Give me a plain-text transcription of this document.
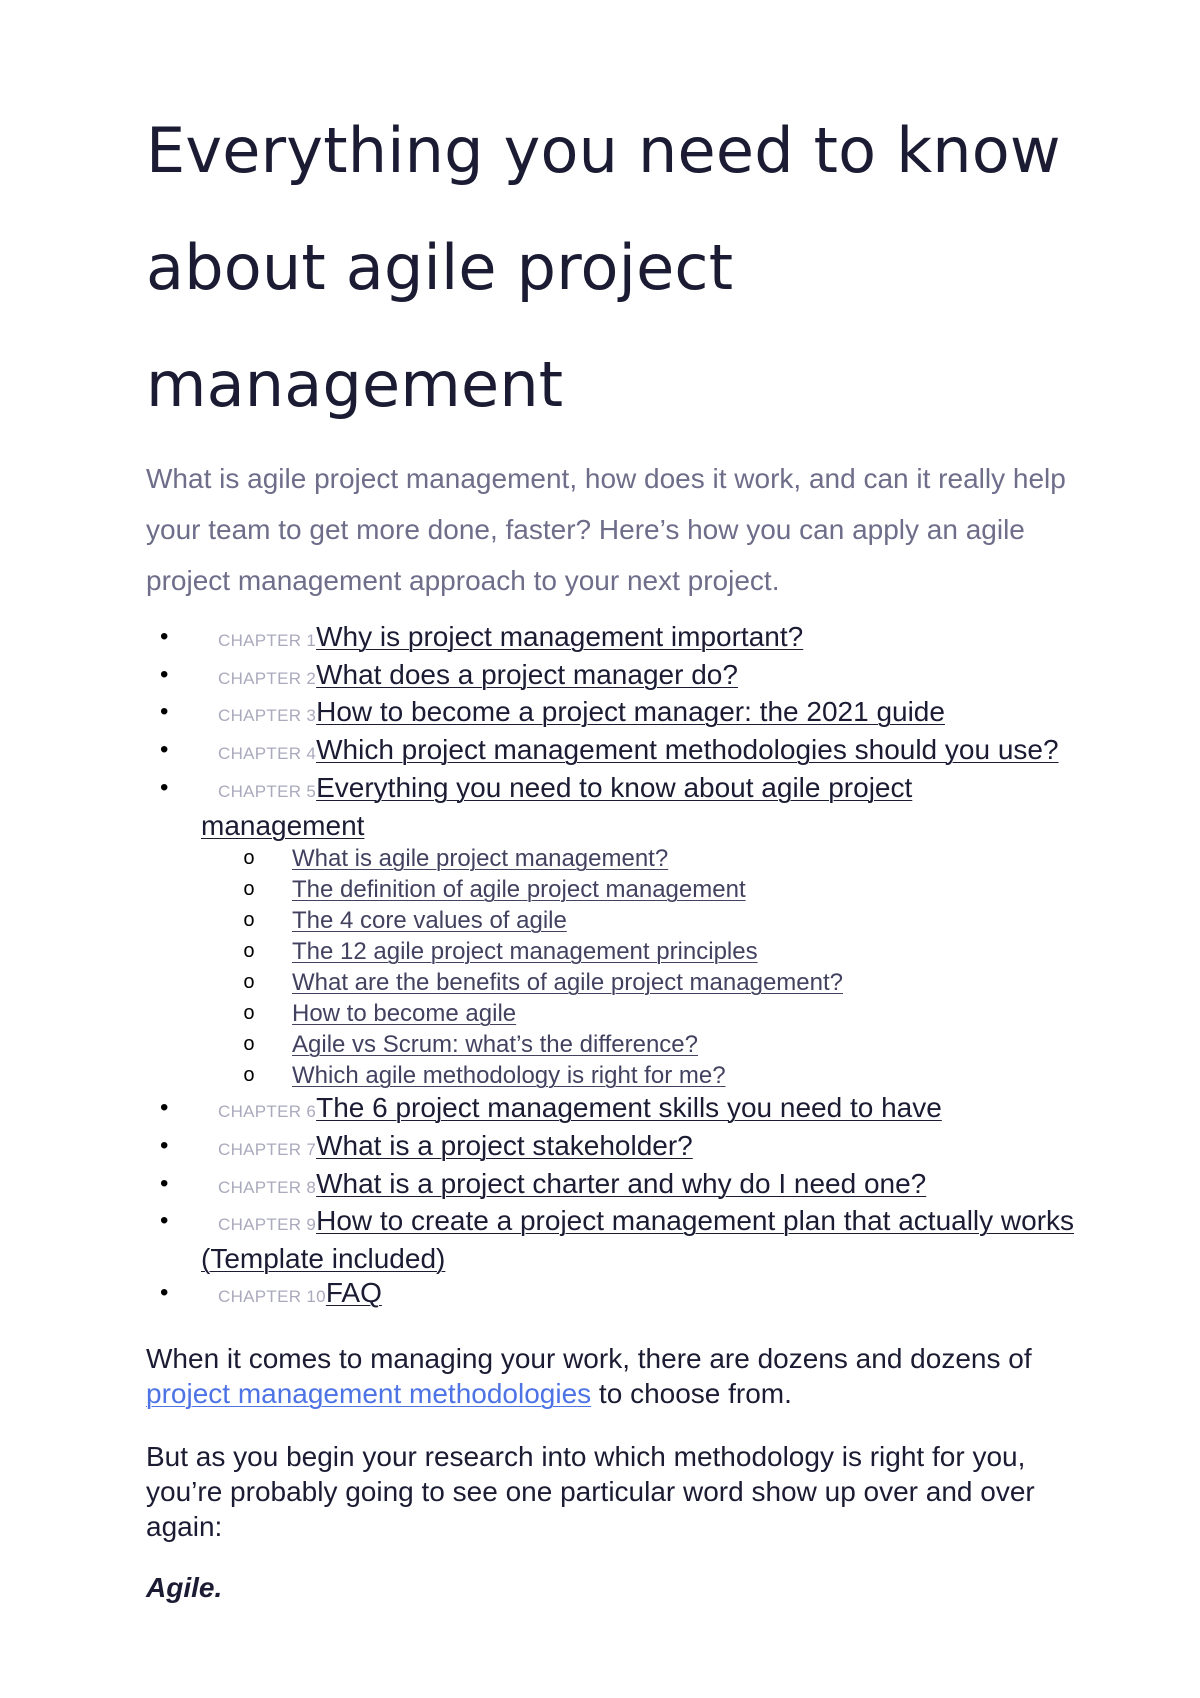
Everything you need to know about agile project management

What is agile project management, how does it work, and can it really help your team to get more done, faster? Here’s how you can apply an agile project management approach to your next project.

• CHAPTER 1Why is project management important?
• CHAPTER 2What does a project manager do?
• CHAPTER 3How to become a project manager: the 2021 guide
• CHAPTER 4Which project management methodologies should you use?
• CHAPTER 5Everything you need to know about agile project management
o What is agile project management?
o The definition of agile project management
o The 4 core values of agile
o The 12 agile project management principles
o What are the benefits of agile project management?
o How to become agile
o Agile vs Scrum: what’s the difference?
o Which agile methodology is right for me?
• CHAPTER 6The 6 project management skills you need to have
• CHAPTER 7What is a project stakeholder?
• CHAPTER 8What is a project charter and why do I need one?
• CHAPTER 9How to create a project management plan that actually works (Template included)
• CHAPTER 10FAQ

When it comes to managing your work, there are dozens and dozens of project management methodologies to choose from.

But as you begin your research into which methodology is right for you, you’re probably going to see one particular word show up over and over again:

Agile.
